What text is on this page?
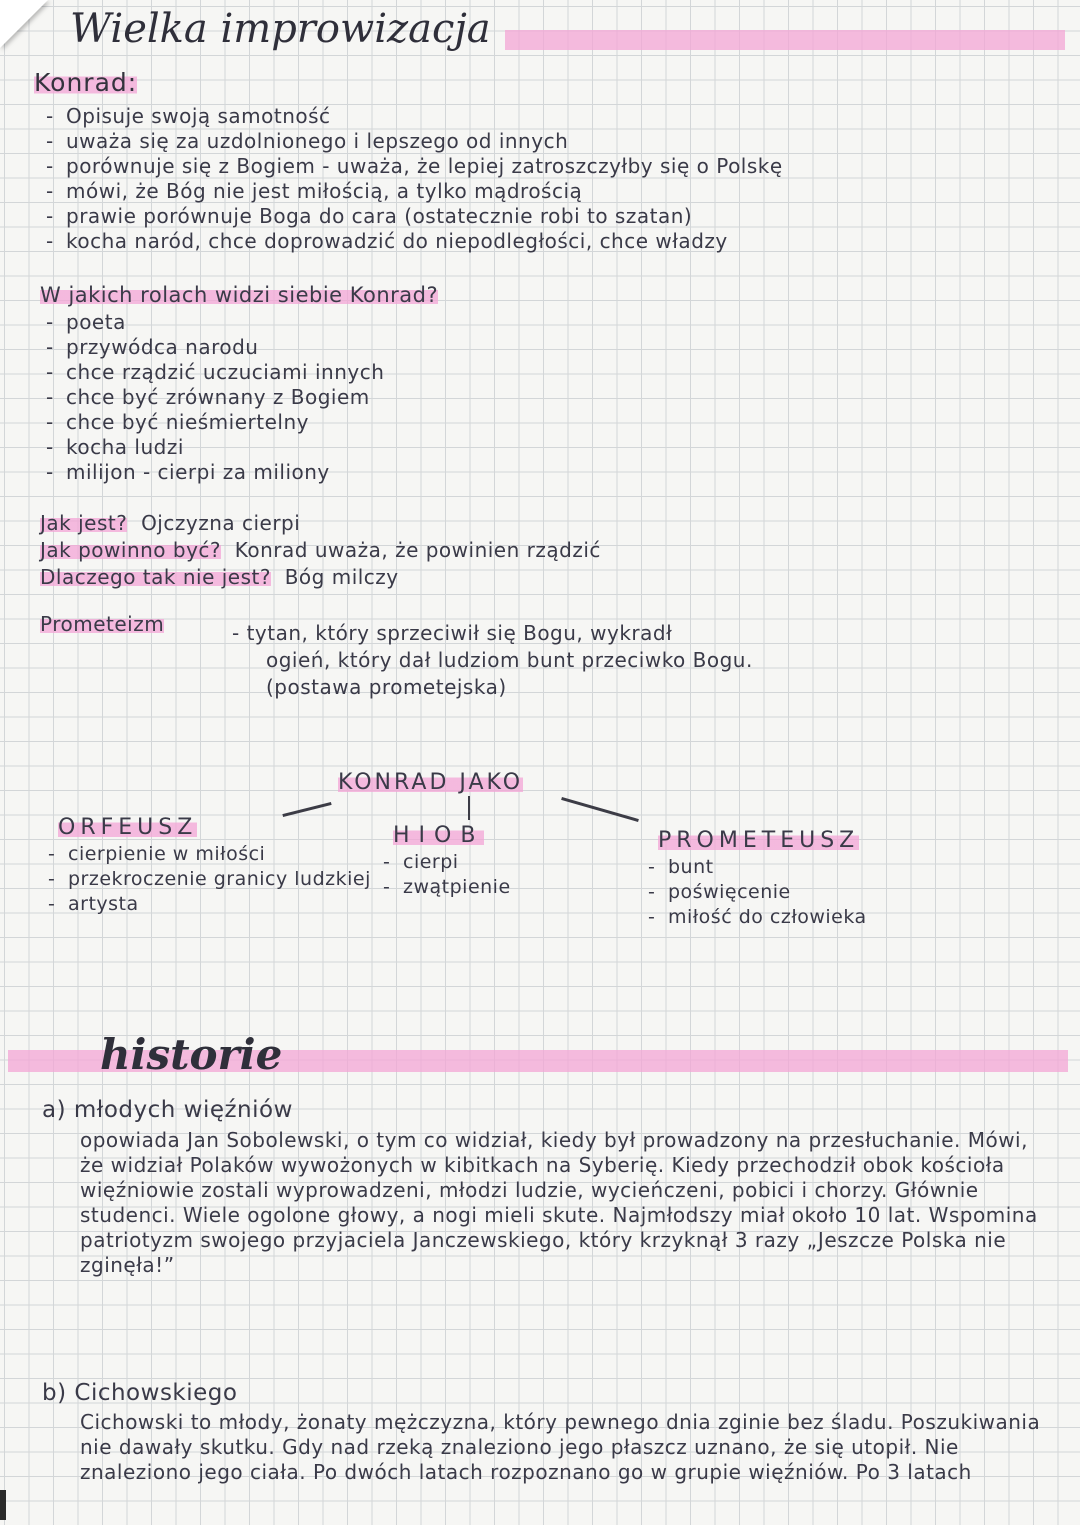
Wielka improwizacja
Konrad:
- Opisuje swoją samotność
- uważa się za uzdolnionego i lepszego od innych
- porównuje się z Bogiem - uważa, że lepiej zatroszczyłby się o Polskę
- mówi, że Bóg nie jest miłością, a tylko mądrością
- prawie porównuje Boga do cara (ostatecznie robi to szatan)
- kocha naród, chce doprowadzić do niepodległości, chce władzy
W jakich rolach widzi siebie Konrad?
- poeta
- przywódca narodu
- chce rządzić uczuciami innych
- chce być zrównany z Bogiem
- chce być nieśmiertelny
- kocha ludzi
- milijon - cierpi za miliony
Jak jest? Ojczyzna cierpi
Jak powinno być? Konrad uważa, że powinien rządzić
Dlaczego tak nie jest? Bóg milczy
Prometeizm	- tytan, który sprzeciwił się Bogu, wykradł
ogień, który dał ludziom bunt przeciwko Bogu.
(postawa prometejska)
KONRAD JAKO
ORFEUSZ
- cierpienie w miłości
- przekroczenie granicy ludzkiej
- artysta
HIOB
- cierpi
- zwątpienie
PROMETEUSZ
- bunt
- poświęcenie
- miłość do człowieka
historie
a) młodych więźniów
opowiada Jan Sobolewski, o tym co widział, kiedy był prowadzony na przesłuchanie. Mówi, że widział Polaków wywożonych w kibitkach na Syberię. Kiedy przechodził obok kościoła więźniowie zostali wyprowadzeni, młodzi ludzie, wycieńczeni, pobici i chorzy. Głównie studenci. Wiele ogolone głowy, a nogi mieli skute. Najmłodszy miał około 10 lat. Wspomina patriotyzm swojego przyjaciela Janczewskiego, który krzyknął 3 razy „Jeszcze Polska nie zginęła!”
b) Cichowskiego
Cichowski to młody, żonaty mężczyzna, który pewnego dnia zginie bez śladu. Poszukiwania nie dawały skutku. Gdy nad rzeką znaleziono jego płaszcz uznano, że się utopił. Nie znaleziono jego ciała. Po dwóch latach rozpoznano go w grupie więźniów. Po 3 latach
